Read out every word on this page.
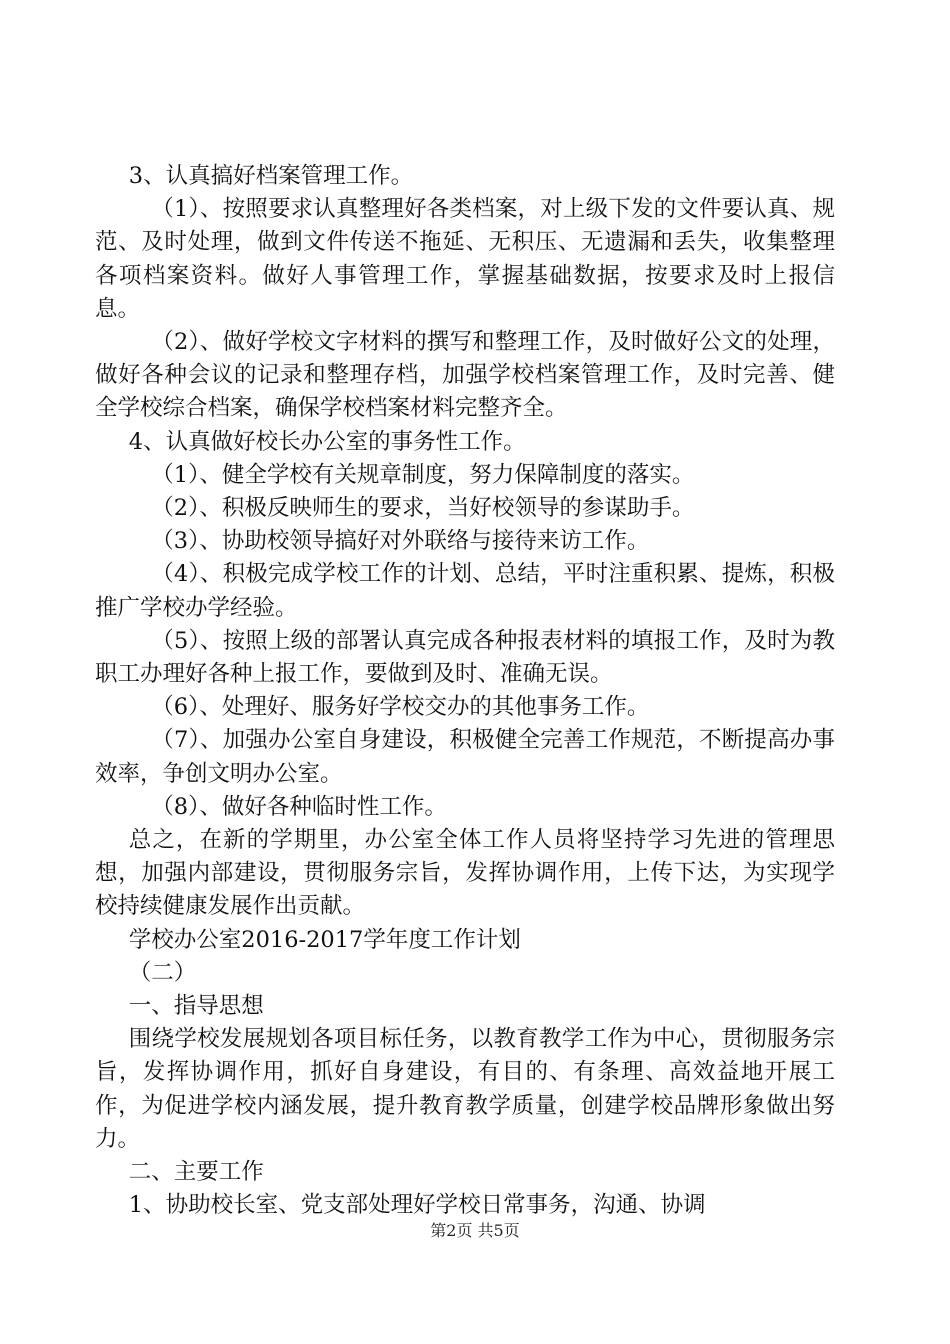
3、认真搞好档案管理工作。

（1）、按照要求认真整理好各类档案，对上级下发的文件要认真、规范、及时处理，做到文件传送不拖延、无积压、无遗漏和丢失，收集整理各项档案资料。做好人事管理工作，掌握基础数据，按要求及时上报信息。

（2）、做好学校文字材料的撰写和整理工作，及时做好公文的处理，做好各种会议的记录和整理存档，加强学校档案管理工作，及时完善、健全学校综合档案，确保学校档案材料完整齐全。

4、认真做好校长办公室的事务性工作。

（1）、健全学校有关规章制度，努力保障制度的落实。

（2）、积极反映师生的要求，当好校领导的参谋助手。

（3）、协助校领导搞好对外联络与接待来访工作。

（4）、积极完成学校工作的计划、总结，平时注重积累、提炼，积极推广学校办学经验。

（5）、按照上级的部署认真完成各种报表材料的填报工作，及时为教职工办理好各种上报工作，要做到及时、准确无误。

（6）、处理好、服务好学校交办的其他事务工作。

（7）、加强办公室自身建设，积极健全完善工作规范，不断提高办事效率，争创文明办公室。

（8）、做好各种临时性工作。

总之，在新的学期里，办公室全体工作人员将坚持学习先进的管理思想，加强内部建设，贯彻服务宗旨，发挥协调作用，上传下达，为实现学校持续健康发展作出贡献。

学校办公室2016-2017学年度工作计划

（二）

一、指导思想

围绕学校发展规划各项目标任务，以教育教学工作为中心，贯彻服务宗旨，发挥协调作用，抓好自身建设，有目的、有条理、高效益地开展工作，为促进学校内涵发展，提升教育教学质量，创建学校品牌形象做出努力。

二、主要工作

1、协助校长室、党支部处理好学校日常事务，沟通、协调

第2页 共5页
